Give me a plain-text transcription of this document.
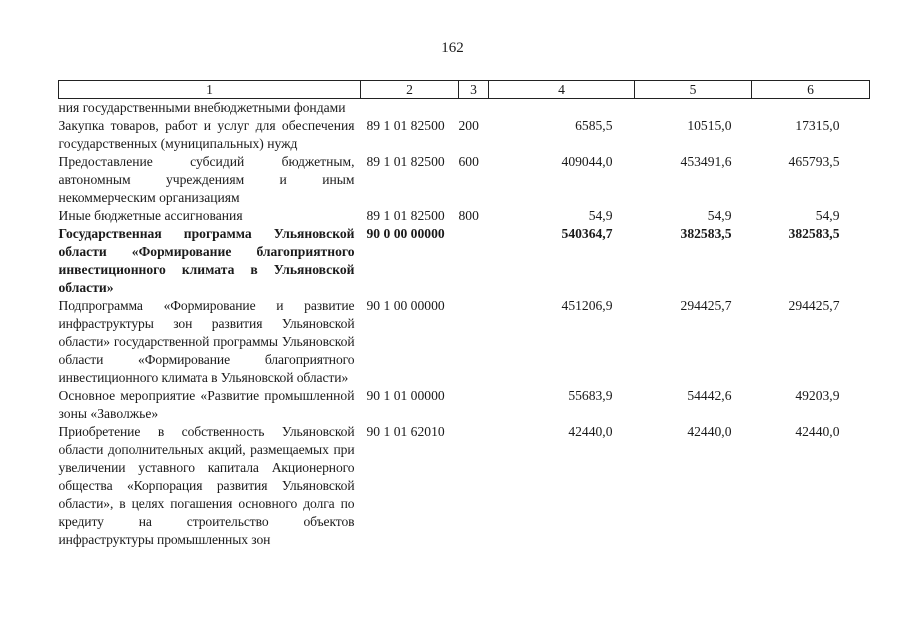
162
1	2	3	4	5	6
ния государственными внебюджетными фондами					
Закупка товаров, работ и услуг для обеспечения государственных (муниципальных) нужд	89 1 01 82500	200	6585,5	10515,0	17315,0
Предоставление субсидий бюджетным, автономным учреждениям и иным некоммерческим организациям	89 1 01 82500	600	409044,0	453491,6	465793,5
Иные бюджетные ассигнования	89 1 01 82500	800	54,9	54,9	54,9
Государственная программа Ульяновской области «Формирование благоприятного инвестиционного климата в Ульяновской области»	90 0 00 00000		540364,7	382583,5	382583,5
Подпрограмма «Формирование и развитие инфраструктуры зон развития Ульяновской области» государственной программы Ульяновской области «Формирование благоприятного инвестиционного климата в Ульяновской области»	90 1 00 00000		451206,9	294425,7	294425,7
Основное мероприятие «Развитие промышленной зоны «Заволжье»	90 1 01 00000		55683,9	54442,6	49203,9
Приобретение в собственность Ульяновской области дополнительных акций, размещаемых при увеличении уставного капитала Акционерного общества «Корпорация развития Ульяновской области», в целях погашения основного долга по кредиту на строительство объектов инфраструктуры промышленных зон	90 1 01 62010		42440,0	42440,0	42440,0
